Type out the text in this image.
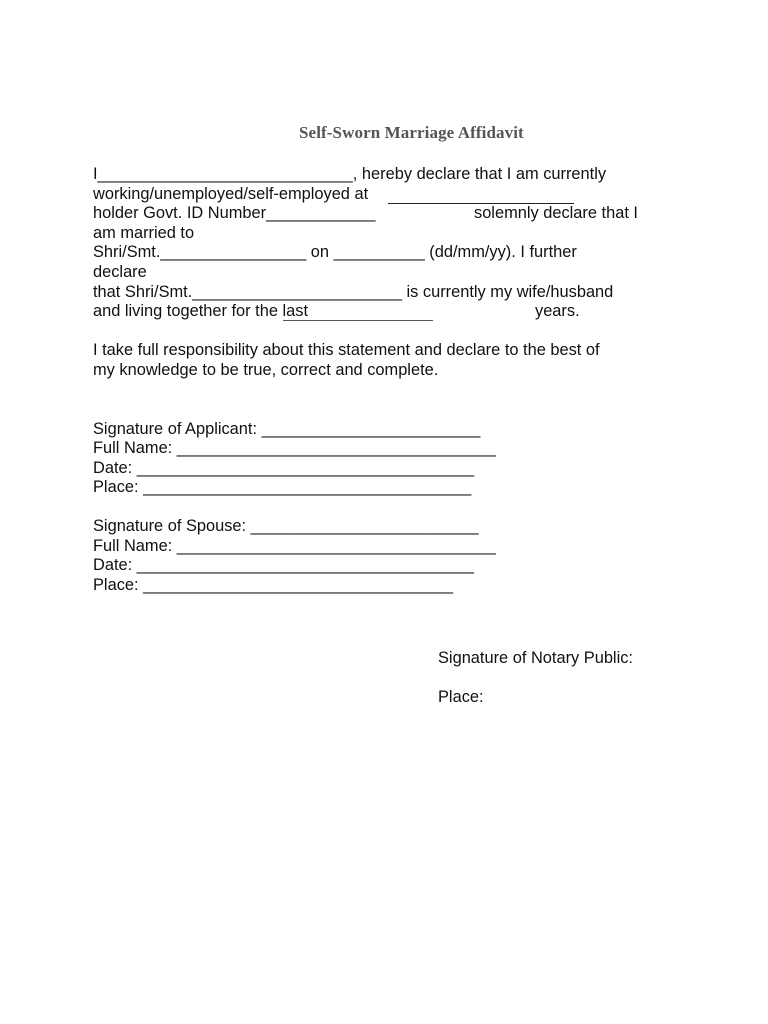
Self-Sworn Marriage Affidavit
I____________________________, hereby declare that I am currently
working/unemployed/self-employed at
holder Govt. ID Number____________	solemnly declare that I
am married to
Shri/Smt.________________ on __________ (dd/mm/yy). I further
declare
that Shri/Smt._______________________ is currently my wife/husband
and living together for the last	years.
I take full responsibility about this statement and declare to the best of
my knowledge to be true, correct and complete.
Signature of Applicant: ________________________
Full Name: ___________________________________
Date: _____________________________________
Place: ____________________________________
Signature of Spouse: _________________________
Full Name: ___________________________________
Date: _____________________________________
Place: __________________________________
Signature of Notary Public:
Place:
